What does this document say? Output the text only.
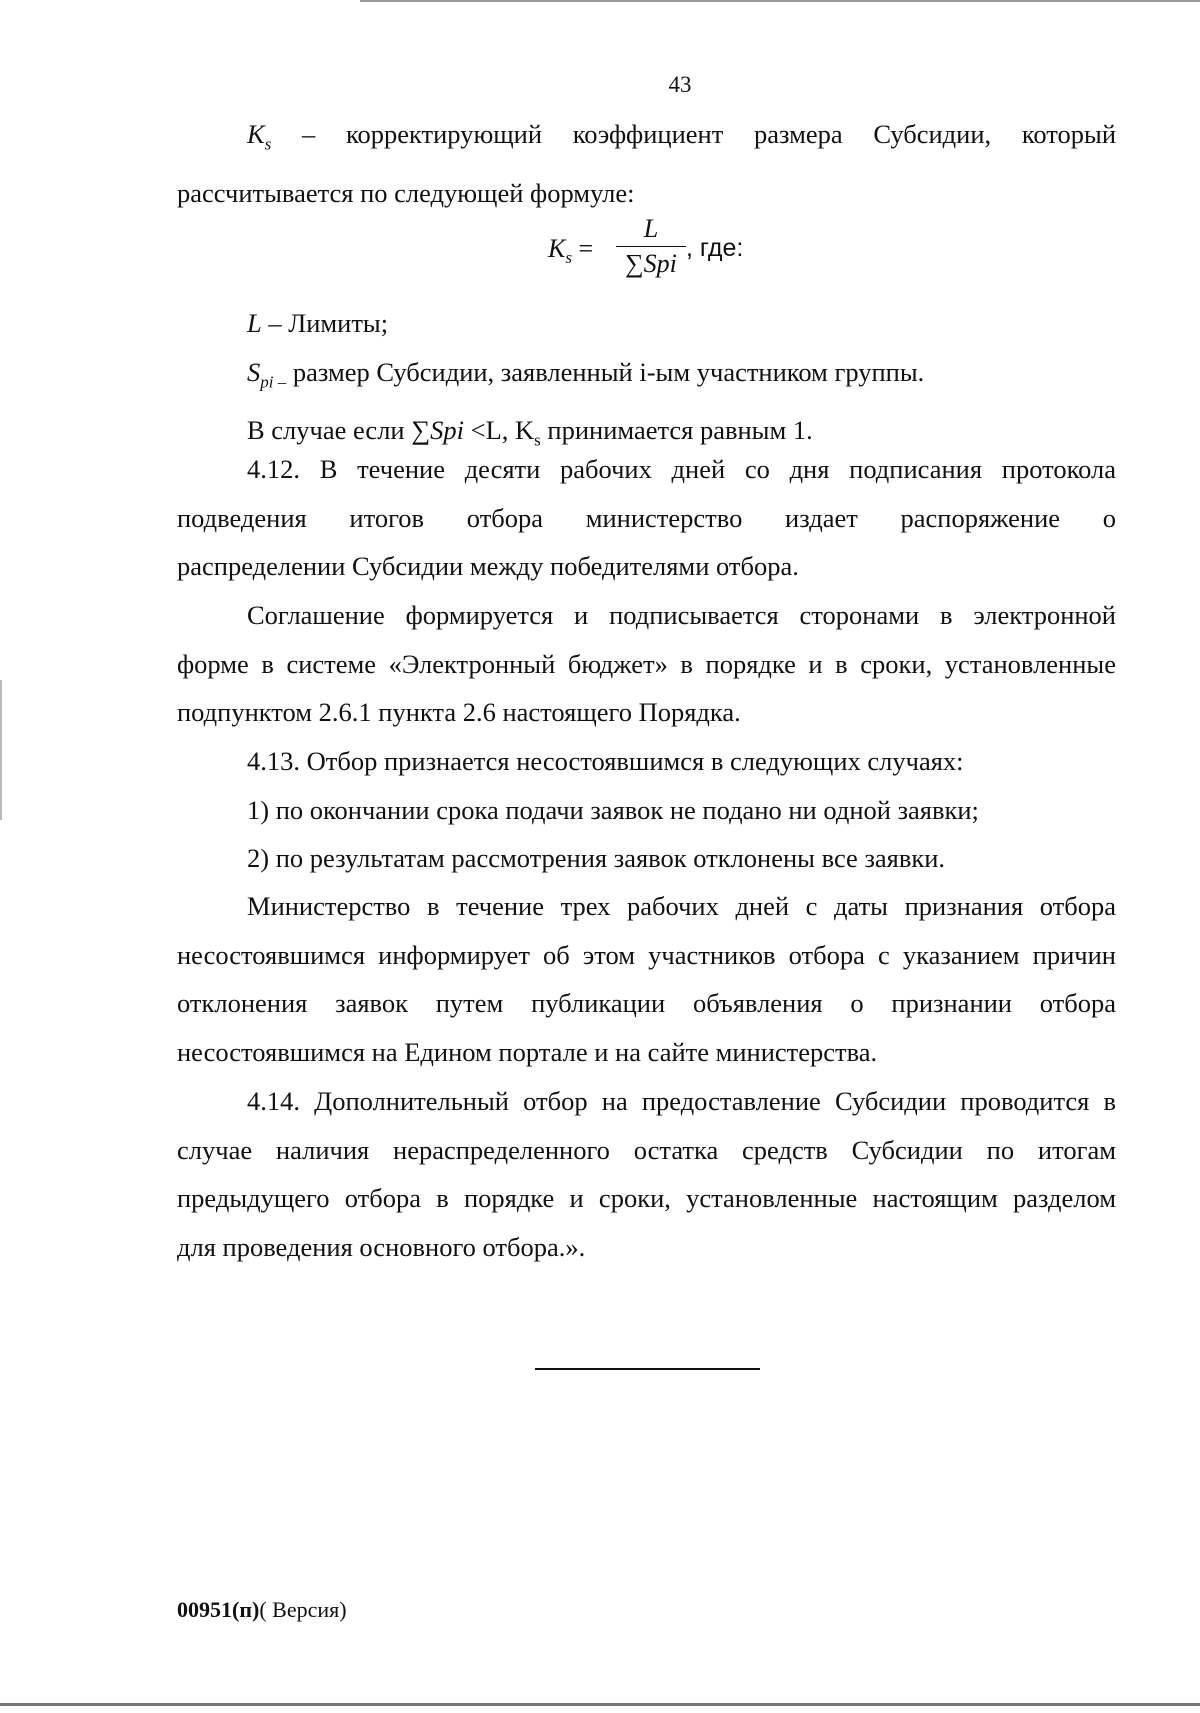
43
$K_s$ – корректирующий коэффициент размера Субсидии, который
рассчитывается по следующей формуле:
$K_s$ =
L
∑Spi
, где:
L – Лимиты;
$S_{pi -}$ размер Субсидии, заявленный i-ым участником группы.
В случае если ∑Spi <L, $K_s$ принимается равным 1.
4.12. В течение десяти рабочих дней со дня подписания протокола
подведения итогов отбора министерство издает распоряжение о
распределении Субсидии между победителями отбора.
Соглашение формируется и подписывается сторонами в электронной
форме в системе «Электронный бюджет» в порядке и в сроки, установленные
подпунктом 2.6.1 пункта 2.6 настоящего Порядка.
4.13. Отбор признается несостоявшимся в следующих случаях:
1) по окончании срока подачи заявок не подано ни одной заявки;
2) по результатам рассмотрения заявок отклонены все заявки.
Министерство в течение трех рабочих дней с даты признания отбора
несостоявшимся информирует об этом участников отбора с указанием причин
отклонения заявок путем публикации объявления о признании отбора
несостоявшимся на Едином портале и на сайте министерства.
4.14. Дополнительный отбор на предоставление Субсидии проводится в
случае наличия нераспределенного остатка средств Субсидии по итогам
предыдущего отбора в порядке и сроки, установленные настоящим разделом
для проведения основного отбора.».
00951(п)( Версия)
